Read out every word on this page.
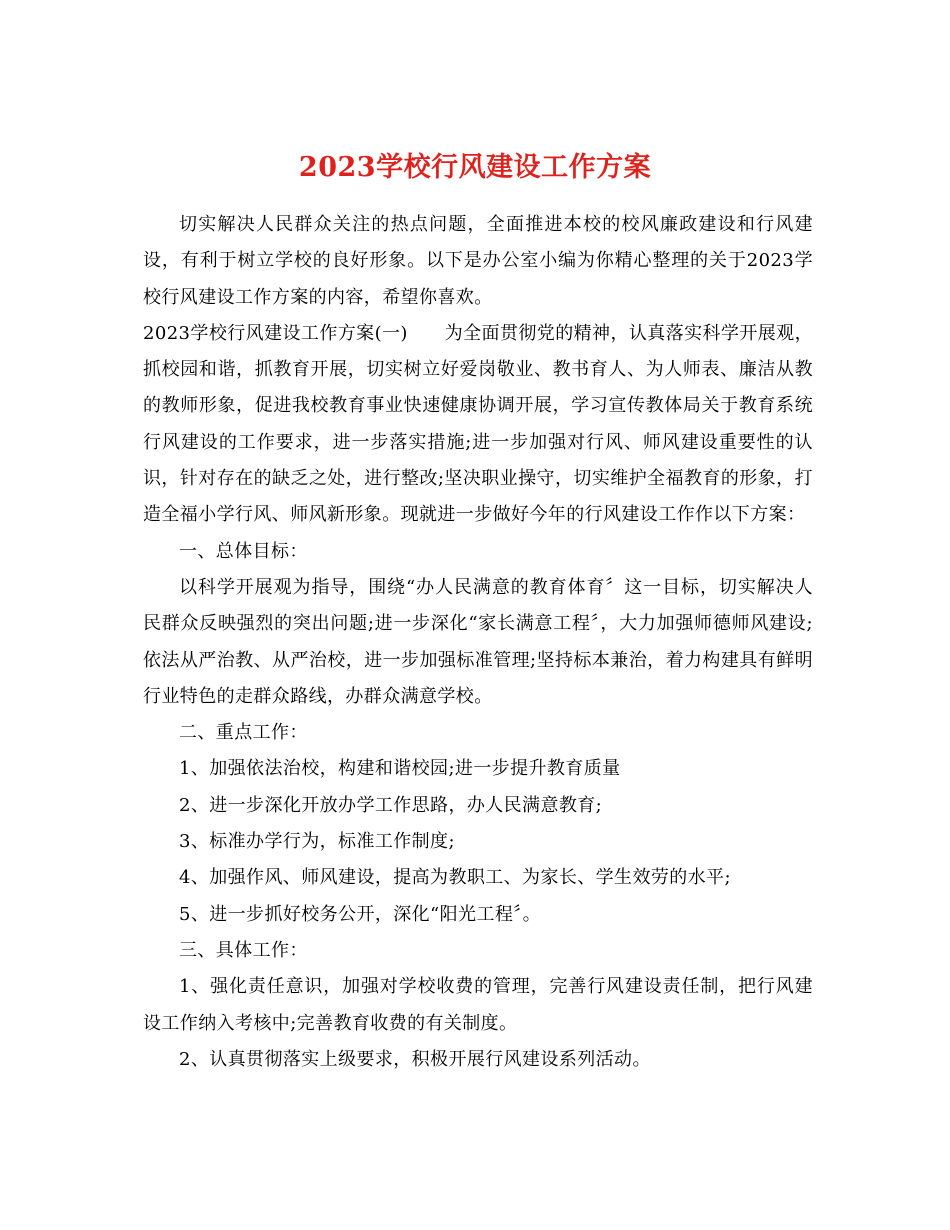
2023学校行风建设工作方案

切实解决人民群众关注的热点问题，全面推进本校的校风廉政建设和行风建设，有利于树立学校的良好形象。以下是办公室小编为你精心整理的关于2023学校行风建设工作方案的内容，希望你喜欢。

2023学校行风建设工作方案(一)　　为全面贯彻党的精神，认真落实科学开展观，抓校园和谐，抓教育开展，切实树立好爱岗敬业、教书育人、为人师表、廉洁从教的教师形象，促进我校教育事业快速健康协调开展，学习宣传教体局关于教育系统行风建设的工作要求，进一步落实措施;进一步加强对行风、师风建设重要性的认识，针对存在的缺乏之处，进行整改;坚决职业操守，切实维护全福教育的形象，打造全福小学行风、师风新形象。现就进一步做好今年的行风建设工作作以下方案：

一、总体目标：

以科学开展观为指导，围绕“办人民满意的教育体育〞这一目标，切实解决人民群众反映强烈的突出问题;进一步深化“家长满意工程〞，大力加强师德师风建设;依法从严治教、从严治校，进一步加强标准管理;坚持标本兼治，着力构建具有鲜明行业特色的走群众路线，办群众满意学校。

二、重点工作：

1、加强依法治校，构建和谐校园;进一步提升教育质量

2、进一步深化开放办学工作思路，办人民满意教育;

3、标准办学行为，标准工作制度;

4、加强作风、师风建设，提高为教职工、为家长、学生效劳的水平;

5、进一步抓好校务公开，深化“阳光工程〞。

三、具体工作：

1、强化责任意识，加强对学校收费的管理，完善行风建设责任制，把行风建设工作纳入考核中;完善教育收费的有关制度。

2、认真贯彻落实上级要求，积极开展行风建设系列活动。
